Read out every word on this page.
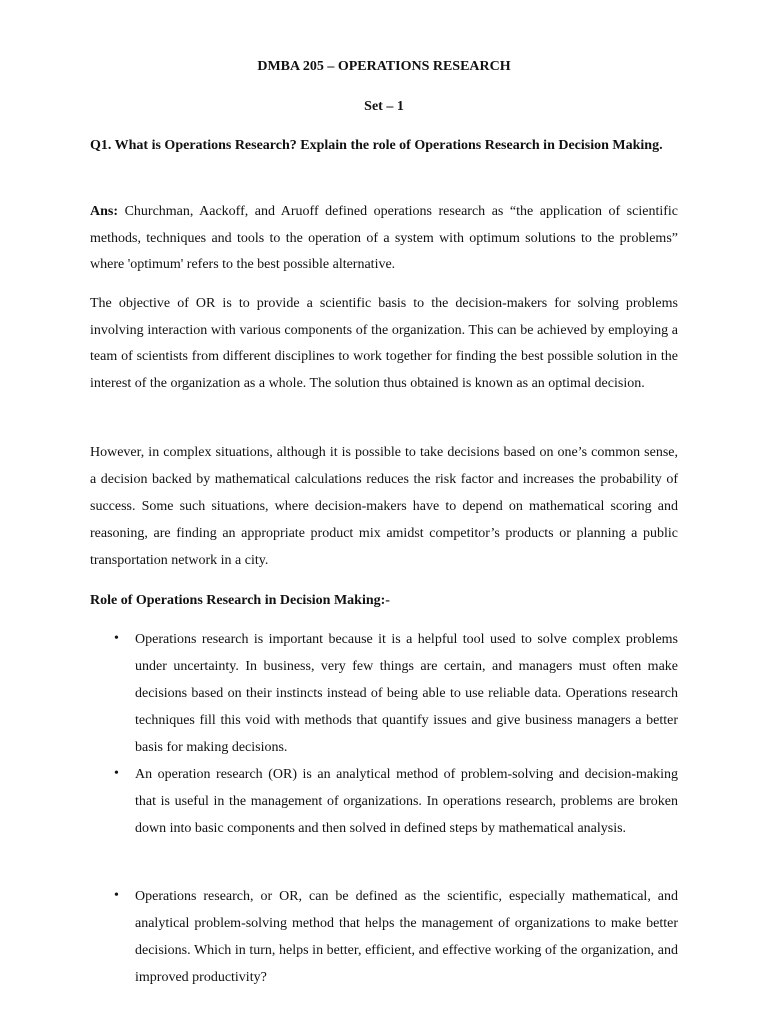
DMBA 205 – OPERATIONS RESEARCH
Set – 1

Q1. What is Operations Research? Explain the role of Operations Research in Decision Making.

Ans: Churchman, Aackoff, and Aruoff defined operations research as “the application of scientific methods, techniques and tools to the operation of a system with optimum solutions to the problems” where 'optimum' refers to the best possible alternative.

The objective of OR is to provide a scientific basis to the decision-makers for solving problems involving interaction with various components of the organization. This can be achieved by employing a team of scientists from different disciplines to work together for finding the best possible solution in the interest of the organization as a whole. The solution thus obtained is known as an optimal decision.

However, in complex situations, although it is possible to take decisions based on one’s common sense, a decision backed by mathematical calculations reduces the risk factor and increases the probability of success. Some such situations, where decision-makers have to depend on mathematical scoring and reasoning, are finding an appropriate product mix amidst competitor’s products or planning a public transportation network in a city.

Role of Operations Research in Decision Making:-

•	Operations research is important because it is a helpful tool used to solve complex problems under uncertainty. In business, very few things are certain, and managers must often make decisions based on their instincts instead of being able to use reliable data. Operations research techniques fill this void with methods that quantify issues and give business managers a better basis for making decisions.

•	An operation research (OR) is an analytical method of problem-solving and decision-making that is useful in the management of organizations. In operations research, problems are broken down into basic components and then solved in defined steps by mathematical analysis.

•	Operations research, or OR, can be defined as the scientific, especially mathematical, and analytical problem-solving method that helps the management of organizations to make better decisions. Which in turn, helps in better, efficient, and effective working of the organization, and improved productivity?
